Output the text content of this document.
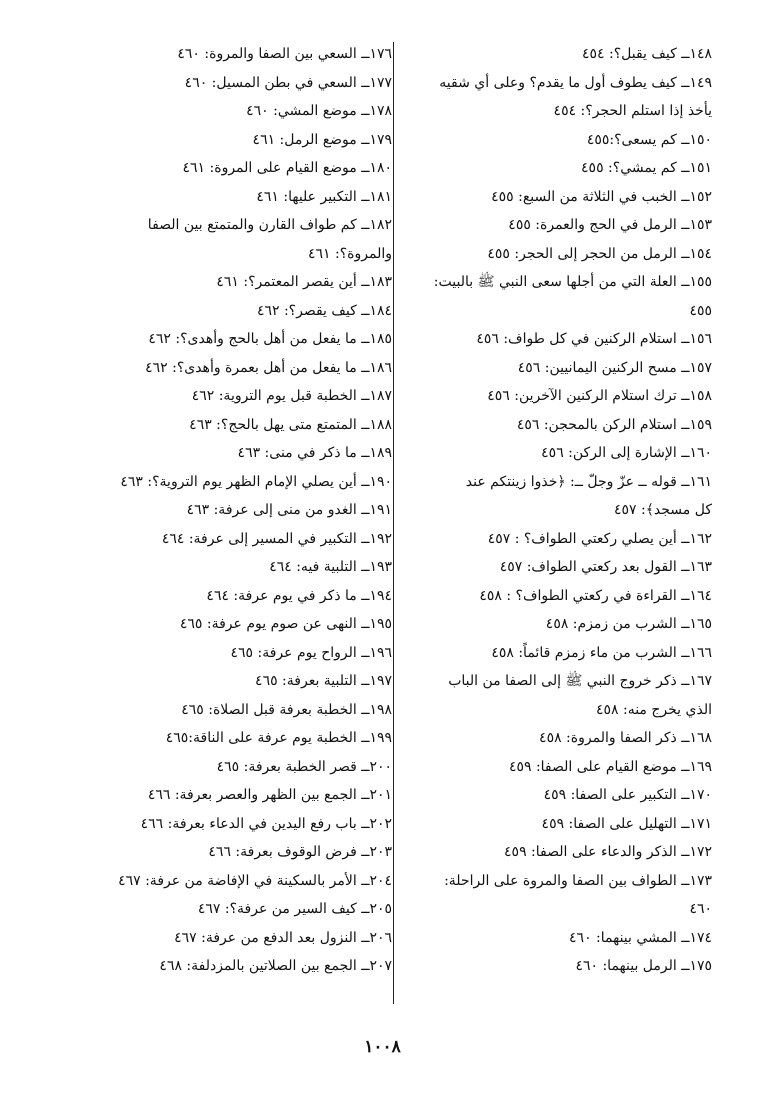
١٤٨ــ كيف يقبل؟: ٤٥٤
١٤٩ــ كيف يطوف أول ما يقدم؟ وعلى أي شقيه
يأخذ إذا استلم الحجر؟: ٤٥٤
١٥٠ــ كم يسعى؟:٤٥٥
١٥١ــ كم يمشي؟: ٤٥٥
١٥٢ــ الخبب في الثلاثة من السبع: ٤٥٥
١٥٣ــ الرمل في الحج والعمرة: ٤٥٥
١٥٤ــ الرمل من الحجر إلى الحجر: ٤٥٥
١٥٥ــ العلة التي من أجلها سعى النبي ﷺ بالبيت:
٤٥٥
١٥٦ــ استلام الركنين في كل طواف: ٤٥٦
١٥٧ــ مسح الركنين اليمانيين: ٤٥٦
١٥٨ــ ترك استلام الركنين الآخرين: ٤٥٦
١٥٩ــ استلام الركن بالمحجن: ٤٥٦
١٦٠ــ الإشارة إلى الركن: ٤٥٦
١٦١ــ قوله ــ عزّ وجلّ ــ: ﴿خذوا زينتكم عند
كل مسجد﴾: ٤٥٧
١٦٢ــ أين يصلي ركعتي الطواف؟ : ٤٥٧
١٦٣ــ القول بعد ركعتي الطواف: ٤٥٧
١٦٤ــ القراءة في ركعتي الطواف؟ : ٤٥٨
١٦٥ــ الشرب من زمزم: ٤٥٨
١٦٦ــ الشرب من ماء زمزم قائماً: ٤٥٨
١٦٧ــ ذكر خروج النبي ﷺ إلى الصفا من الباب
الذي يخرج منه: ٤٥٨
١٦٨ــ ذكر الصفا والمروة: ٤٥٨
١٦٩ــ موضع القيام على الصفا: ٤٥٩
١٧٠ــ التكبير على الصفا: ٤٥٩
١٧١ــ التهليل على الصفا: ٤٥٩
١٧٢ــ الذكر والدعاء على الصفا: ٤٥٩
١٧٣ــ الطواف بين الصفا والمروة على الراحلة:
٤٦٠
١٧٤ــ المشي بينهما: ٤٦٠
١٧٥ــ الرمل بينهما: ٤٦٠
١٧٦ــ السعي بين الصفا والمروة: ٤٦٠
١٧٧ــ السعي في بطن المسيل: ٤٦٠
١٧٨ــ موضع المشي: ٤٦٠
١٧٩ــ موضع الرمل: ٤٦١
١٨٠ــ موضع القيام على المروة: ٤٦١
١٨١ــ التكبير عليها: ٤٦١
١٨٢ــ كم طواف القارن والمتمتع بين الصفا
والمروة؟: ٤٦١
١٨٣ــ أين يقصر المعتمر؟: ٤٦١
١٨٤ــ كيف يقصر؟: ٤٦٢
١٨٥ــ ما يفعل من أهل بالحج وأهدى؟: ٤٦٢
١٨٦ــ ما يفعل من أهل بعمرة وأهدى؟: ٤٦٢
١٨٧ــ الخطبة قبل يوم التروية: ٤٦٢
١٨٨ــ المتمتع متى يهل بالحج؟: ٤٦٣
١٨٩ــ ما ذكر في منى: ٤٦٣
١٩٠ــ أين يصلي الإمام الظهر يوم التروية؟: ٤٦٣
١٩١ــ الغدو من منى إلى عرفة: ٤٦٣
١٩٢ــ التكبير في المسير إلى عرفة: ٤٦٤
١٩٣ــ التلبية فيه: ٤٦٤
١٩٤ــ ما ذكر في يوم عرفة: ٤٦٤
١٩٥ــ النهى عن صوم يوم عرفة: ٤٦٥
١٩٦ــ الرواح يوم عرفة: ٤٦٥
١٩٧ــ التلبية بعرفة: ٤٦٥
١٩٨ــ الخطبة بعرفة قبل الصلاة: ٤٦٥
١٩٩ــ الخطبة يوم عرفة على الناقة:٤٦٥
٢٠٠ــ قصر الخطبة بعرفة: ٤٦٥
٢٠١ــ الجمع بين الظهر والعصر بعرفة: ٤٦٦
٢٠٢ــ باب رفع اليدين في الدعاء بعرفة: ٤٦٦
٢٠٣ــ فرض الوقوف بعرفة: ٤٦٦
٢٠٤ــ الأمر بالسكينة في الإفاضة من عرفة: ٤٦٧
٢٠٥ــ كيف السير من عرفة؟: ٤٦٧
٢٠٦ــ النزول بعد الدفع من عرفة: ٤٦٧
٢٠٧ــ الجمع بين الصلاتين بالمزدلفة: ٤٦٨
١٠٠٨
